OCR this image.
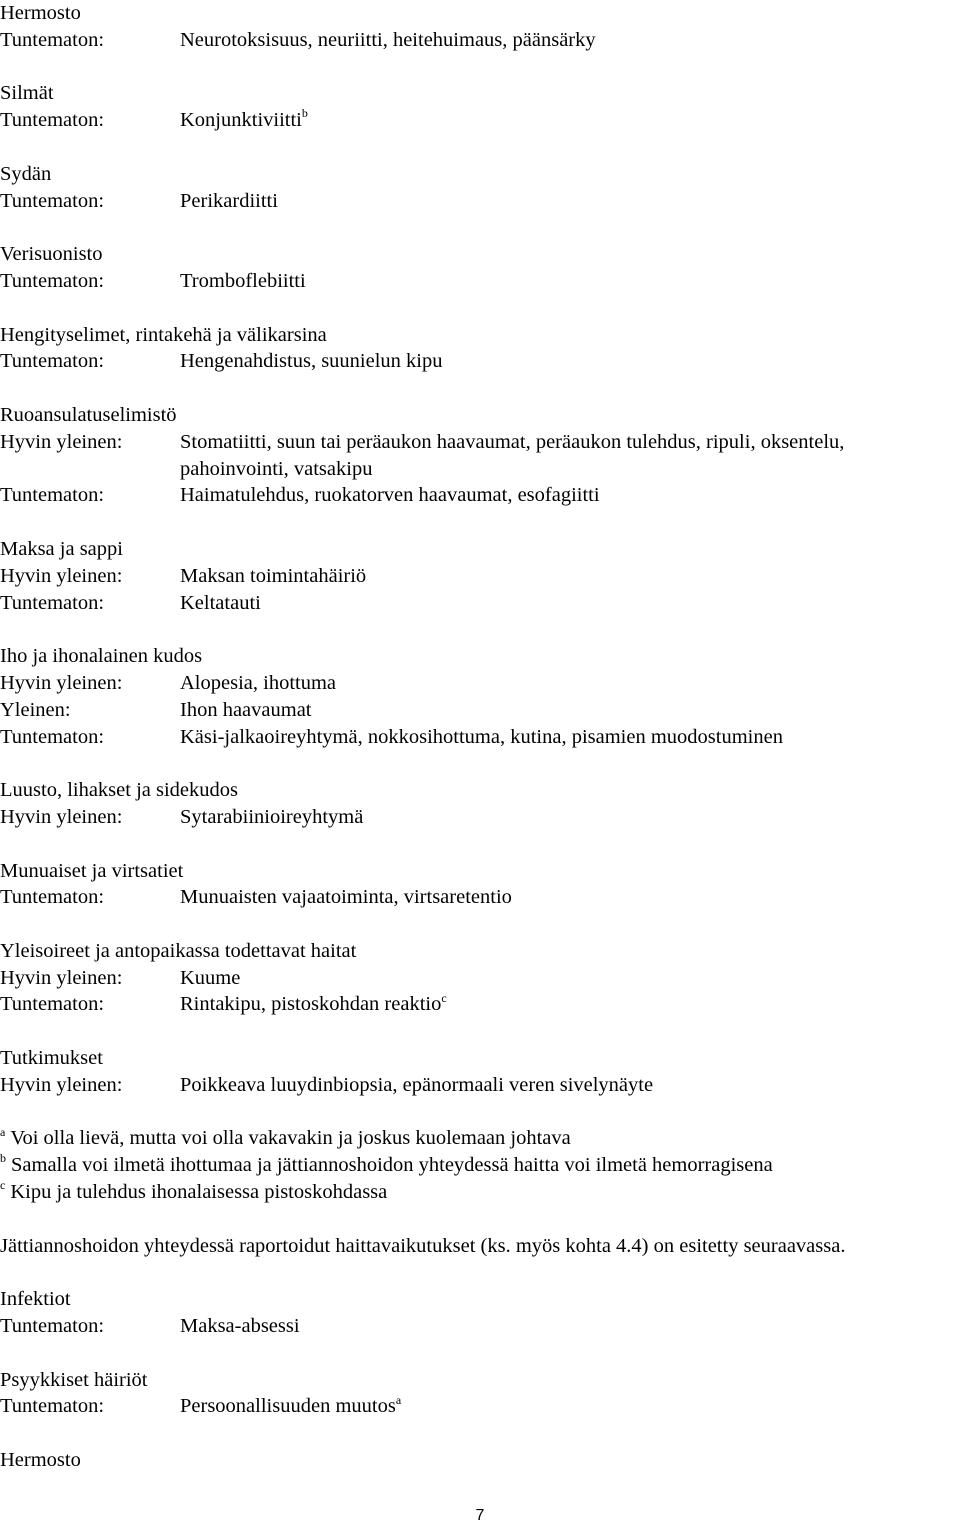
Hermosto
Tuntematon:	Neurotoksisuus, neuriitti, heitehuimaus, päänsärky
Silmät
Tuntematon:	Konjunktiviitti$^b$
Sydän
Tuntematon:	Perikardiitti
Verisuonisto
Tuntematon:	Tromboflebiitti
Hengityselimet, rintakehä ja välikarsina
Tuntematon:	Hengenahdistus, suunielun kipu
Ruoansulatuselimistö
Hyvin yleinen:	Stomatiitti, suun tai peräaukon haavaumat, peräaukon tulehdus, ripuli, oksentelu,
pahoinvointi, vatsakipu
Tuntematon:	Haimatulehdus, ruokatorven haavaumat, esofagiitti
Maksa ja sappi
Hyvin yleinen:	Maksan toimintahäiriö
Tuntematon:	Keltatauti
Iho ja ihonalainen kudos
Hyvin yleinen:	Alopesia, ihottuma
Yleinen:	Ihon haavaumat
Tuntematon:	Käsi-jalkaoireyhtymä, nokkosihottuma, kutina, pisamien muodostuminen
Luusto, lihakset ja sidekudos
Hyvin yleinen:	Sytarabiinioireyhtymä
Munuaiset ja virtsatiet
Tuntematon:	Munuaisten vajaatoiminta, virtsaretentio
Yleisoireet ja antopaikassa todettavat haitat
Hyvin yleinen:	Kuume
Tuntematon:	Rintakipu, pistoskohdan reaktio$^c$
Tutkimukset
Hyvin yleinen:	Poikkeava luuydinbiopsia, epänormaali veren sivelynäyte
$^a$ Voi olla lievä, mutta voi olla vakavakin ja joskus kuolemaan johtava
$^b$ Samalla voi ilmetä ihottumaa ja jättiannoshoidon yhteydessä haitta voi ilmetä hemorragisena
$^c$ Kipu ja tulehdus ihonalaisessa pistoskohdassa
Jättiannoshoidon yhteydessä raportoidut haittavaikutukset (ks. myös kohta 4.4) on esitetty seuraavassa.
Infektiot
Tuntematon:	Maksa-absessi
Psyykkiset häiriöt
Tuntematon:	Persoonallisuuden muutos$^a$
Hermosto
7
